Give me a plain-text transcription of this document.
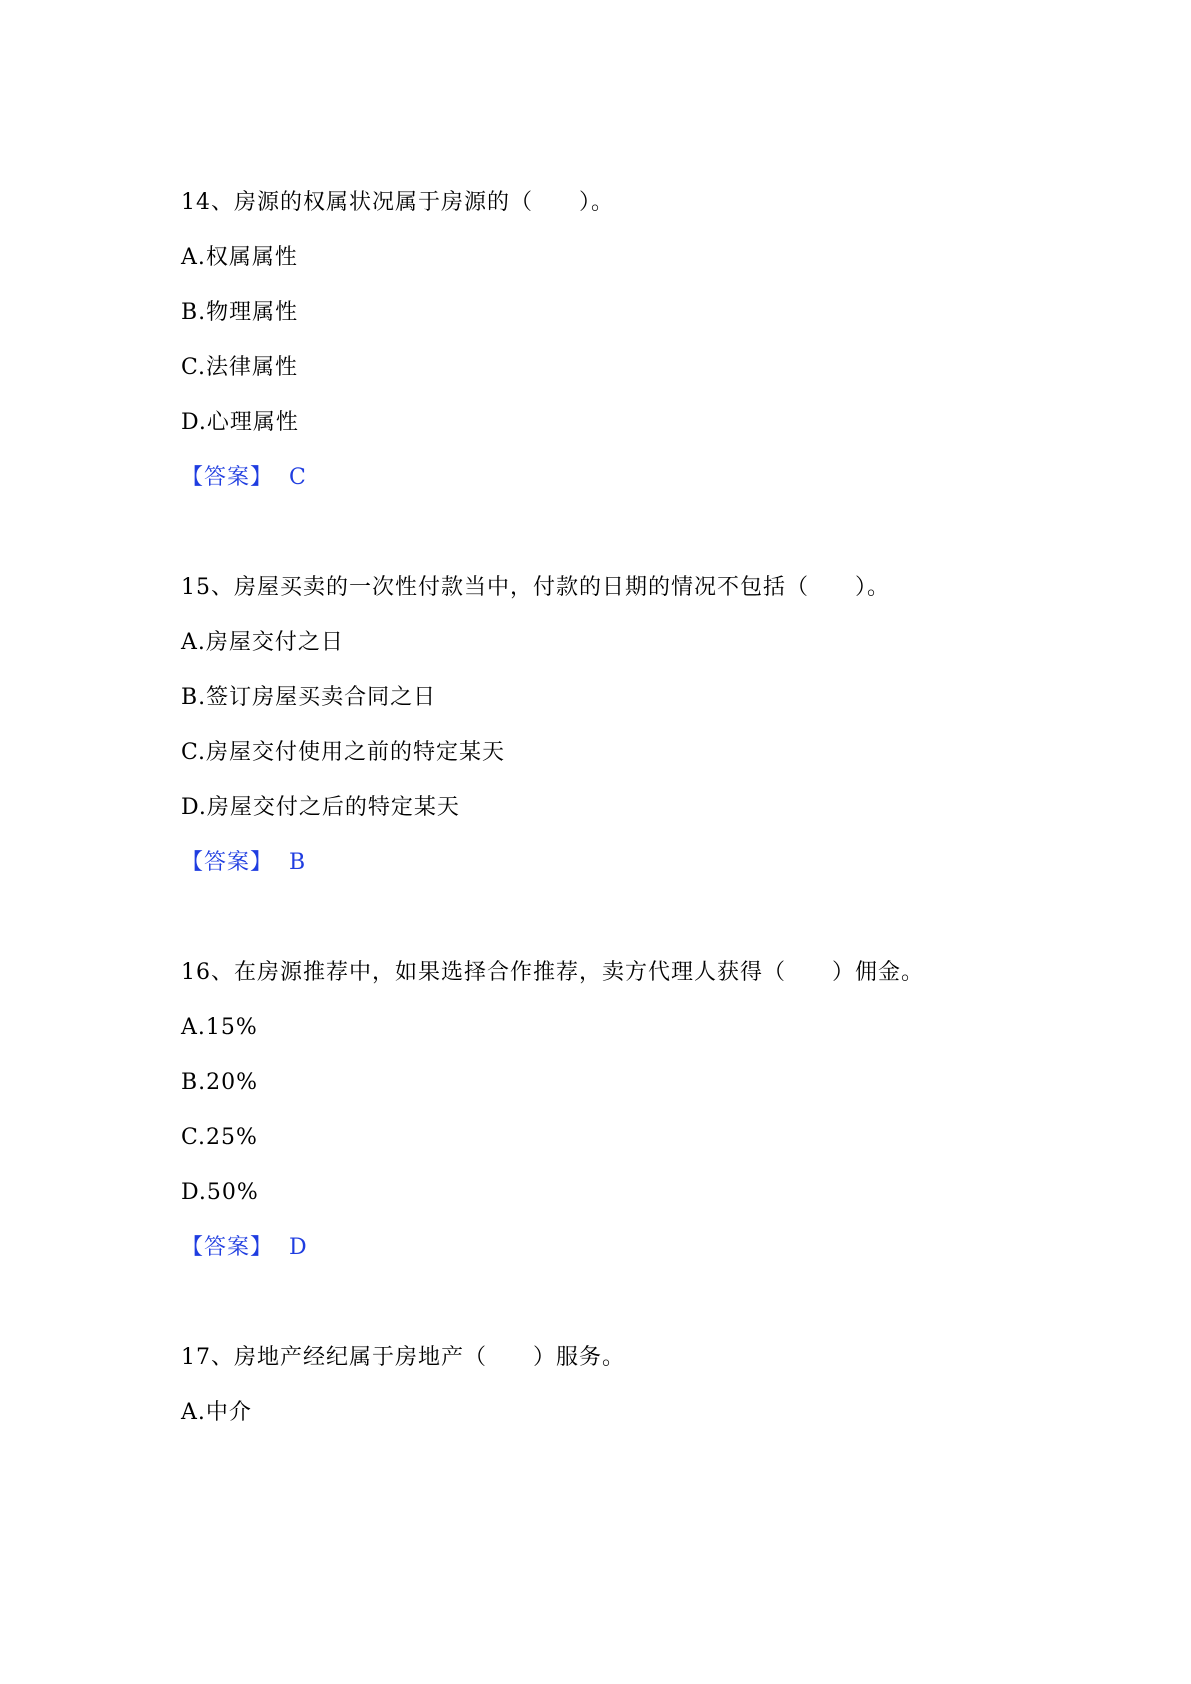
14、房源的权属状况属于房源的（　　）。
A.权属属性
B.物理属性
C.法律属性
D.心理属性
【答案】 C
15、房屋买卖的一次性付款当中，付款的日期的情况不包括（　　）。
A.房屋交付之日
B.签订房屋买卖合同之日
C.房屋交付使用之前的特定某天
D.房屋交付之后的特定某天
【答案】 B
16、在房源推荐中，如果选择合作推荐，卖方代理人获得（　　）佣金。
A.15%
B.20%
C.25%
D.50%
【答案】 D
17、房地产经纪属于房地产（　　）服务。
A.中介
